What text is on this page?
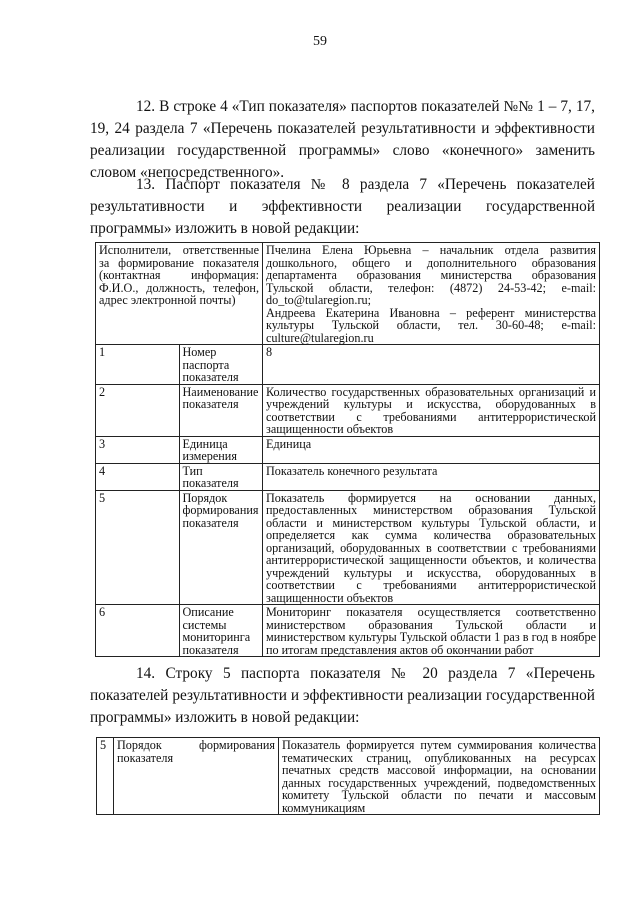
59

12. В строке 4 «Тип показателя» паспортов показателей №№ 1 – 7, 17, 19, 24 раздела 7 «Перечень показателей результативности и эффективности реализации государственной программы» слово «конечного» заменить словом «непосредственного».

13. Паспорт показателя № 8 раздела 7 «Перечень показателей результативности и эффективности реализации государственной программы» изложить в новой редакции:

Исполнители, ответственные за формирование показателя (контактная информация: Ф.И.О., должность, телефон, адрес электронной почты)		Пчелина Елена Юрьевна – начальник отдела развития дошкольного, общего и дополнительного образования департамента образования министерства образования Тульской области, телефон: (4872) 24-53-42; e-mail: do_to@tularegion.ru;
Андреева Екатерина Ивановна – референт министерства культуры Тульской области, тел. 30-60-48; e-mail: culture@tularegion.ru

1	Номер паспорта показателя	8
2	Наименование показателя	Количество государственных образовательных организаций и учреждений культуры и искусства, оборудованных в соответствии с требованиями антитеррористической защищенности объектов
3	Единица измерения	Единица
4	Тип показателя	Показатель конечного результата
5	Порядок формирования показателя	Показатель формируется на основании данных, предоставленных министерством образования Тульской области и министерством культуры Тульской области, и определяется как сумма количества образовательных организаций, оборудованных в соответствии с требованиями антитеррористической защищенности объектов, и количества учреждений культуры и искусства, оборудованных в соответствии с требованиями антитеррористической защищенности объектов
6	Описание системы мониторинга показателя	Мониторинг показателя осуществляется соответственно министерством образования Тульской области и министерством культуры Тульской области 1 раз в год в ноябре по итогам представления актов об окончании работ

14. Строку 5 паспорта показателя № 20 раздела 7 «Перечень показателей результативности и эффективности реализации государственной программы» изложить в новой редакции:

5	Порядок формирования показателя	Показатель формируется путем суммирования количества тематических страниц, опубликованных на ресурсах печатных средств массовой информации, на основании данных государственных учреждений, подведомственных комитету Тульской области по печати и массовым коммуникациям
